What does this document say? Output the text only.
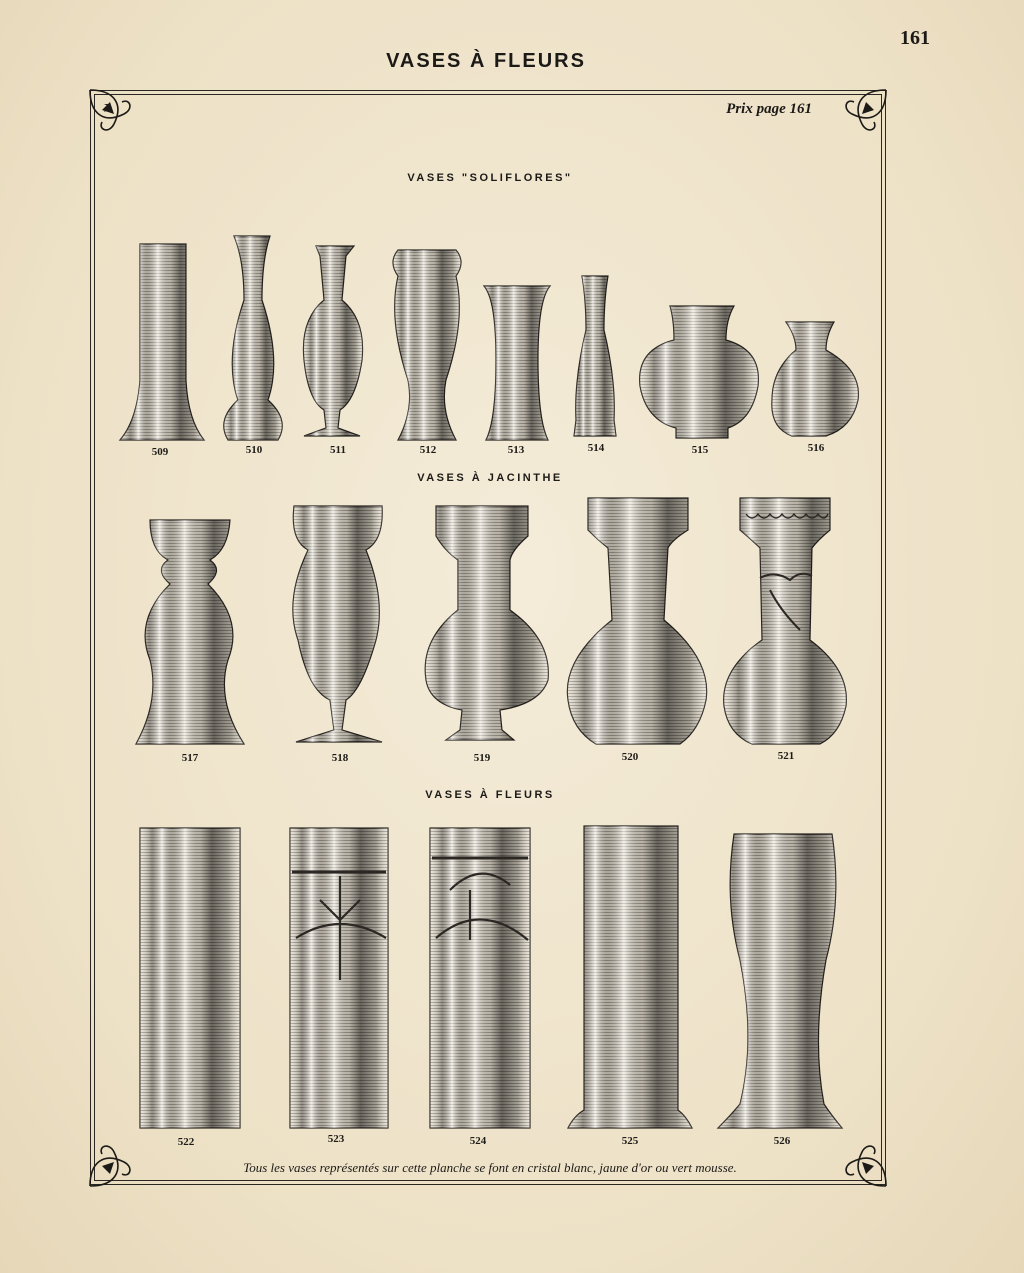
161
VASES À FLEURS
Prix page 161
VASES "SOLIFLORES"
VASES À JACINTHE
VASES À FLEURS
509	510	511	512	513	514	515	516
517	518	519	520	521
522	523	524	525	526
Tous les vases représentés sur cette planche se font en cristal blanc, jaune d'or ou vert mousse.
